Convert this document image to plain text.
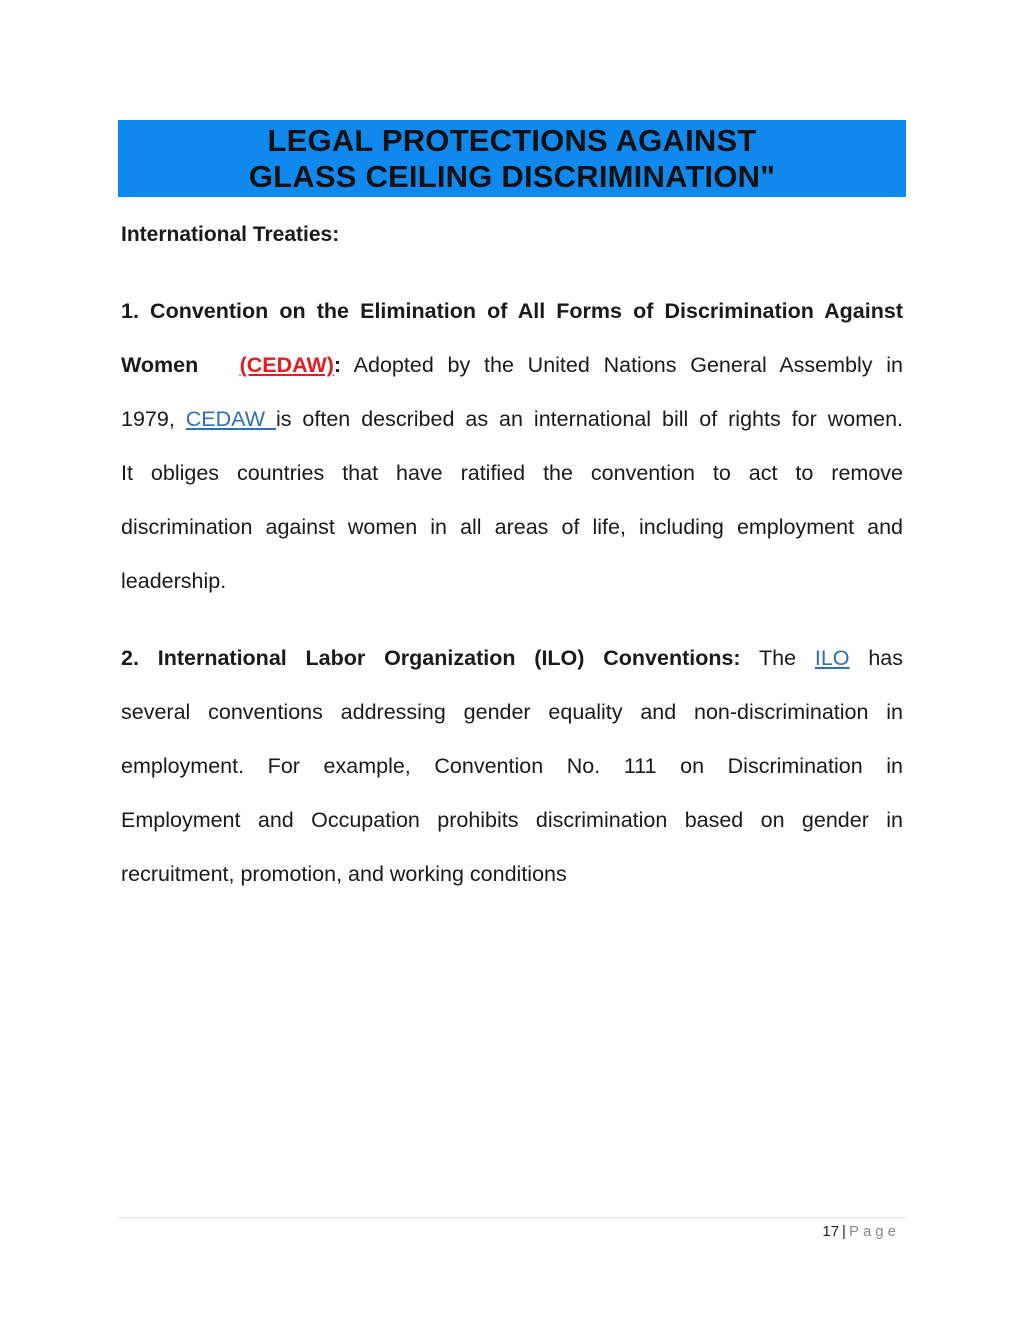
LEGAL PROTECTIONS AGAINST
GLASS CEILING DISCRIMINATION"

International Treaties:

1. Convention on the Elimination of All Forms of Discrimination Against
Women (CEDAW): Adopted by the United Nations General Assembly in
1979, CEDAW is often described as an international bill of rights for women.
It obliges countries that have ratified the convention to act to remove
discrimination against women in all areas of life, including employment and
leadership.
2. International Labor Organization (ILO) Conventions: The ILO has
several conventions addressing gender equality and non-discrimination in
employment. For example, Convention No. 111 on Discrimination in
Employment and Occupation prohibits discrimination based on gender in
recruitment, promotion, and working conditions
17 | Page
